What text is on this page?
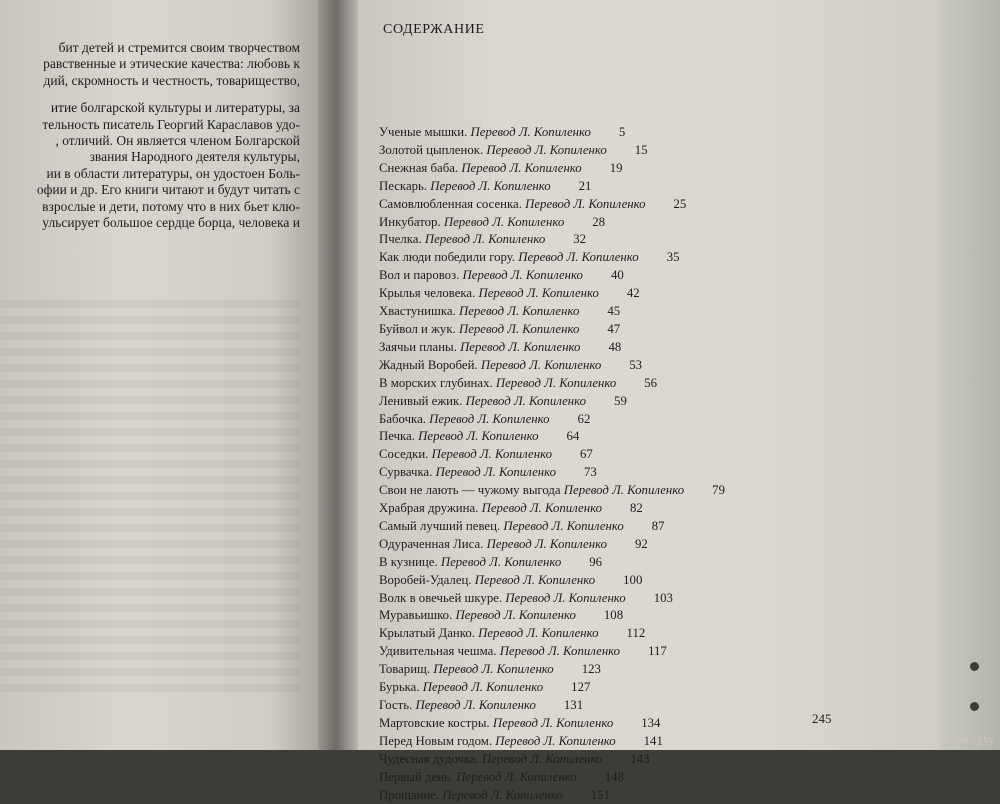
бит детей и стремится своим творчеством
равственные и этические качества: любовь к
дий, скромность и честность, товарищество,
итие болгарской культуры и литературы, за
тельность писатель Георгий Караславов удо-
, отличий. Он является членом Болгарской
звания Народного деятеля культуры,
ии в области литературы, он удостоен Боль-
офии и др. Его книги читают и будут читать с
взрослые и дети, потому что в них бьет клю-
ульсирует большое сердце борца, человека и
СОДЕРЖАНИЕ
Ученые мышки. Перевод Л. Копиленко 5
Золотой цыпленок. Перевод Л. Копиленко 15
Снежная баба. Перевод Л. Копиленко 19
Пескарь. Перевод Л. Копиленко 21
Самовлюбленная сосенка. Перевод Л. Копиленко 25
Инкубатор. Перевод Л. Копиленко 28
Пчелка. Перевод Л. Копиленко 32
Как люди победили гору. Перевод Л. Копиленко 35
Вол и паровоз. Перевод Л. Копиленко 40
Крылья человека. Перевод Л. Копиленко 42
Хвастунишка. Перевод Л. Копиленко 45
Буйвол и жук. Перевод Л. Копиленко 47
Заячьи планы. Перевод Л. Копиленко 48
Жадный Воробей. Перевод Л. Копиленко 53
В морских глубинах. Перевод Л. Копиленко 56
Ленивый ежик. Перевод Л. Копиленко 59
Бабочка. Перевод Л. Копиленко 62
Печка. Перевод Л. Копиленко 64
Соседки. Перевод Л. Копиленко 67
Сурвачка. Перевод Л. Копиленко 73
Свои не лають — чужому выгода Перевод Л. Копиленко 79
Храбрая дружина. Перевод Л. Копиленко 82
Самый лучший певец. Перевод Л. Копиленко 87
Одураченная Лиса. Перевод Л. Копиленко 92
В кузнице. Перевод Л. Копиленко 96
Воробей-Удалец. Перевод Л. Копиленко 100
Волк в овечьей шкуре. Перевод Л. Копиленко 103
Муравьишко. Перевод Л. Копиленко 108
Крылатый Данко. Перевод Л. Копиленко 112
Удивительная чешма. Перевод Л. Копиленко 117
Товарищ. Перевод Л. Копиленко 123
Бурька. Перевод Л. Копиленко 127
Гость. Перевод Л. Копиленко 131
Мартовские костры. Перевод Л. Копиленко 134
Перед Новым годом. Перевод Л. Копиленко 141
Чудесная дудочка. Перевод Л. Копиленко 143
Первый день. Перевод Л. Копиленко 148
Прощание. Перевод Л. Копиленко 151
245
www.ay.by
